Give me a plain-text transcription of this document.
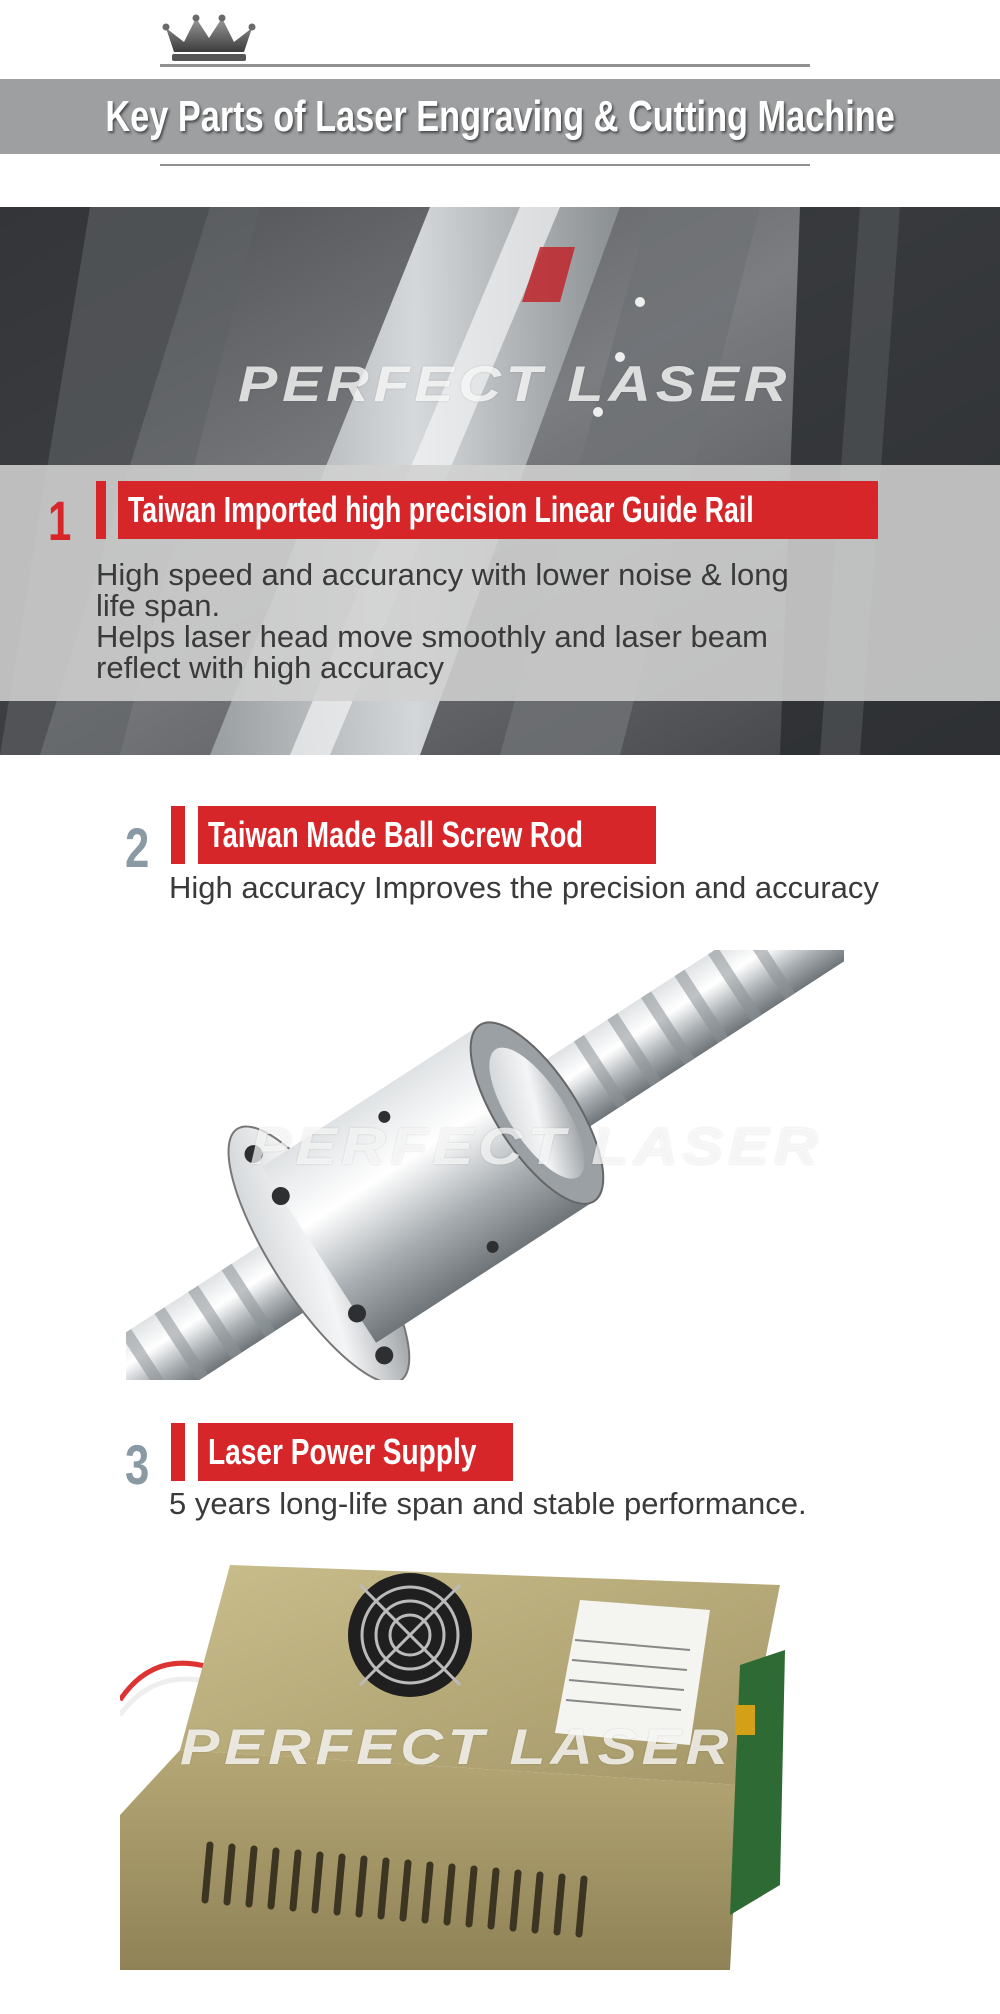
Key Parts of Laser Engraving & Cutting Machine
PERFECT LASER
1 Taiwan Imported high precision Linear Guide Rail
High speed and accurancy with lower noise & long
life span.
Helps laser head move smoothly and laser beam
reflect with high accuracy
2 Taiwan Made Ball Screw Rod
High accuracy Improves the precision and accuracy
PERFECT LASER
3 Laser Power Supply
5 years long-life span and stable performance.
PERFECT LASER
